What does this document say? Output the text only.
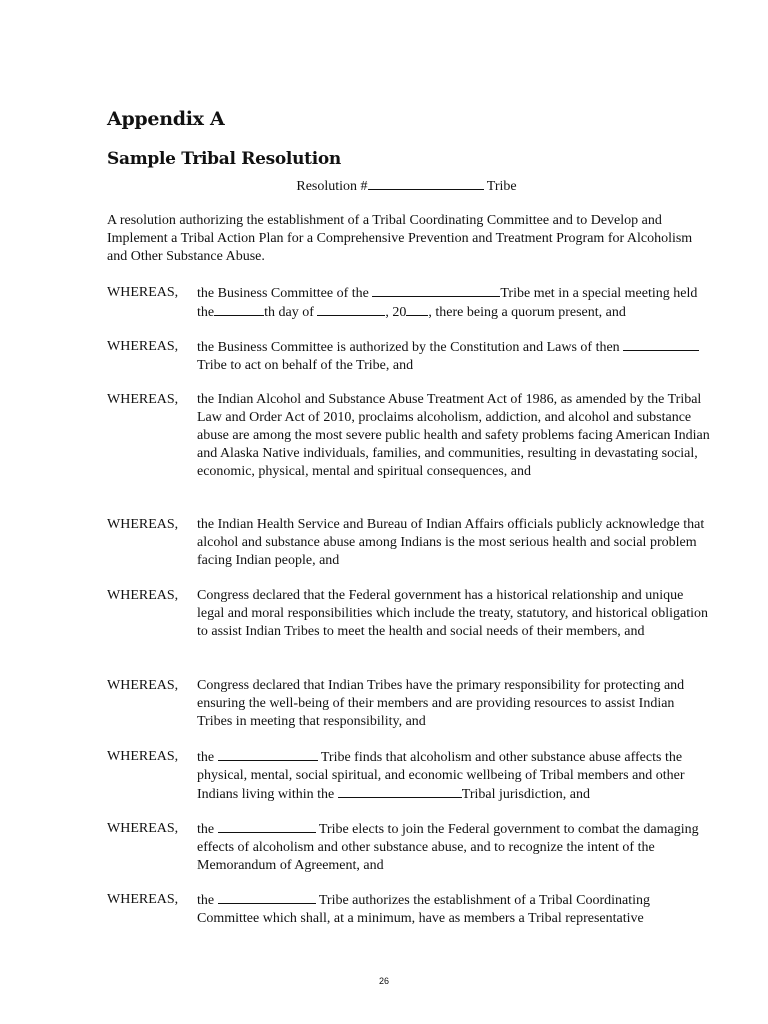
Appendix A
Sample Tribal Resolution
Resolution #	Tribe
A resolution authorizing the establishment of a Tribal Coordinating Committee and to Develop and Implement a Tribal Action Plan for a Comprehensive Prevention and Treatment Program for Alcoholism and Other Substance Abuse.
WHEREAS,	the Business Committee of the	Tribe met in a special meeting held the	th day of	, 20 , there being a quorum present, and
WHEREAS,	the Business Committee is authorized by the Constitution and Laws of then  Tribe to act on behalf of the Tribe, and
WHEREAS,	the Indian Alcohol and Substance Abuse Treatment Act of 1986, as amended by the Tribal Law and Order Act of 2010, proclaims alcoholism, addiction, and alcohol and substance abuse are among the most severe public health and safety problems facing American Indian and Alaska Native individuals, families, and communities, resulting in devastating social, economic, physical, mental and spiritual consequences, and
WHEREAS,	the Indian Health Service and Bureau of Indian Affairs officials publicly acknowledge that alcohol and substance abuse among Indians is the most serious health and social problem facing Indian people, and
WHEREAS,	Congress declared that the Federal government has a historical relationship and unique legal and moral responsibilities which include the treaty, statutory, and historical obligation to assist Indian Tribes to meet the health and social needs of their members, and
WHEREAS,	Congress declared that Indian Tribes have the primary responsibility for protecting and ensuring the well-being of their members and are providing resources to assist Indian Tribes in meeting that responsibility, and
WHEREAS,	the	Tribe finds that alcoholism and other substance abuse affects the physical, mental, social spiritual, and economic wellbeing of Tribal members and other Indians living within the	Tribal jurisdiction, and
WHEREAS,	the	Tribe elects to join the Federal government to combat the damaging effects of alcoholism and other substance abuse, and to recognize the intent of the Memorandum of Agreement, and
WHEREAS,	the	Tribe authorizes the establishment of a Tribal Coordinating Committee which shall, at a minimum, have as members a Tribal representative
26
